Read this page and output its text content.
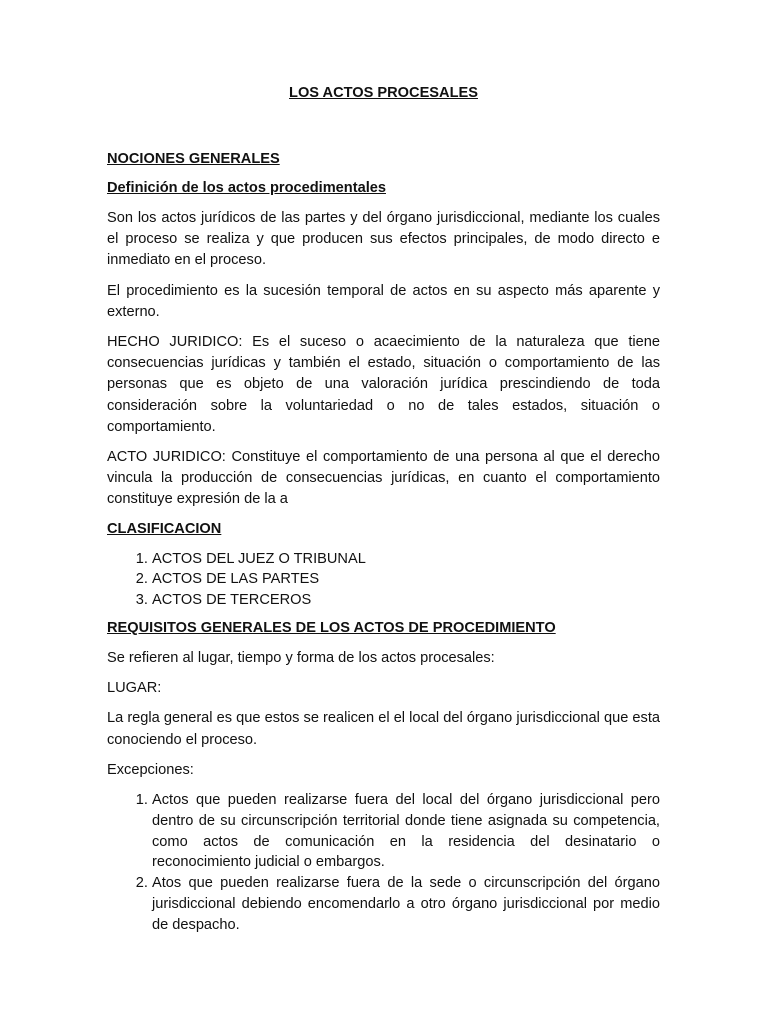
LOS ACTOS PROCESALES
NOCIONES GENERALES
Definición de los actos procedimentales
Son los actos jurídicos de las partes y del órgano jurisdiccional, mediante los cuales el proceso se realiza y que producen sus efectos principales, de modo directo e inmediato en el proceso.
El procedimiento es la sucesión temporal de actos en su aspecto más aparente y externo.
HECHO JURIDICO: Es el suceso o acaecimiento de la naturaleza que tiene consecuencias jurídicas y también el estado, situación o comportamiento de las personas que es objeto de una valoración jurídica prescindiendo de toda consideración sobre la voluntariedad o no de tales estados, situación o comportamiento.
ACTO JURIDICO: Constituye el comportamiento de una persona al que el derecho vincula la producción de consecuencias jurídicas, en cuanto el comportamiento constituye expresión de la a
CLASIFICACION
1. ACTOS DEL JUEZ O TRIBUNAL
2. ACTOS DE LAS PARTES
3. ACTOS DE TERCEROS
REQUISITOS GENERALES DE LOS ACTOS DE PROCEDIMIENTO
Se refieren al lugar, tiempo y forma de los actos procesales:
LUGAR:
La regla general es que estos se realicen el el local del órgano jurisdiccional que esta conociendo el proceso.
Excepciones:
1. Actos que pueden realizarse fuera del local del órgano jurisdiccional pero dentro de su circunscripción territorial donde tiene asignada su competencia, como actos de comunicación en la residencia del desinatario o reconocimiento judicial o embargos.
2. Atos que pueden realizarse fuera de la sede o circunscripción del órgano jurisdiccional debiendo encomendarlo a otro órgano jurisdiccional por medio de despacho.
